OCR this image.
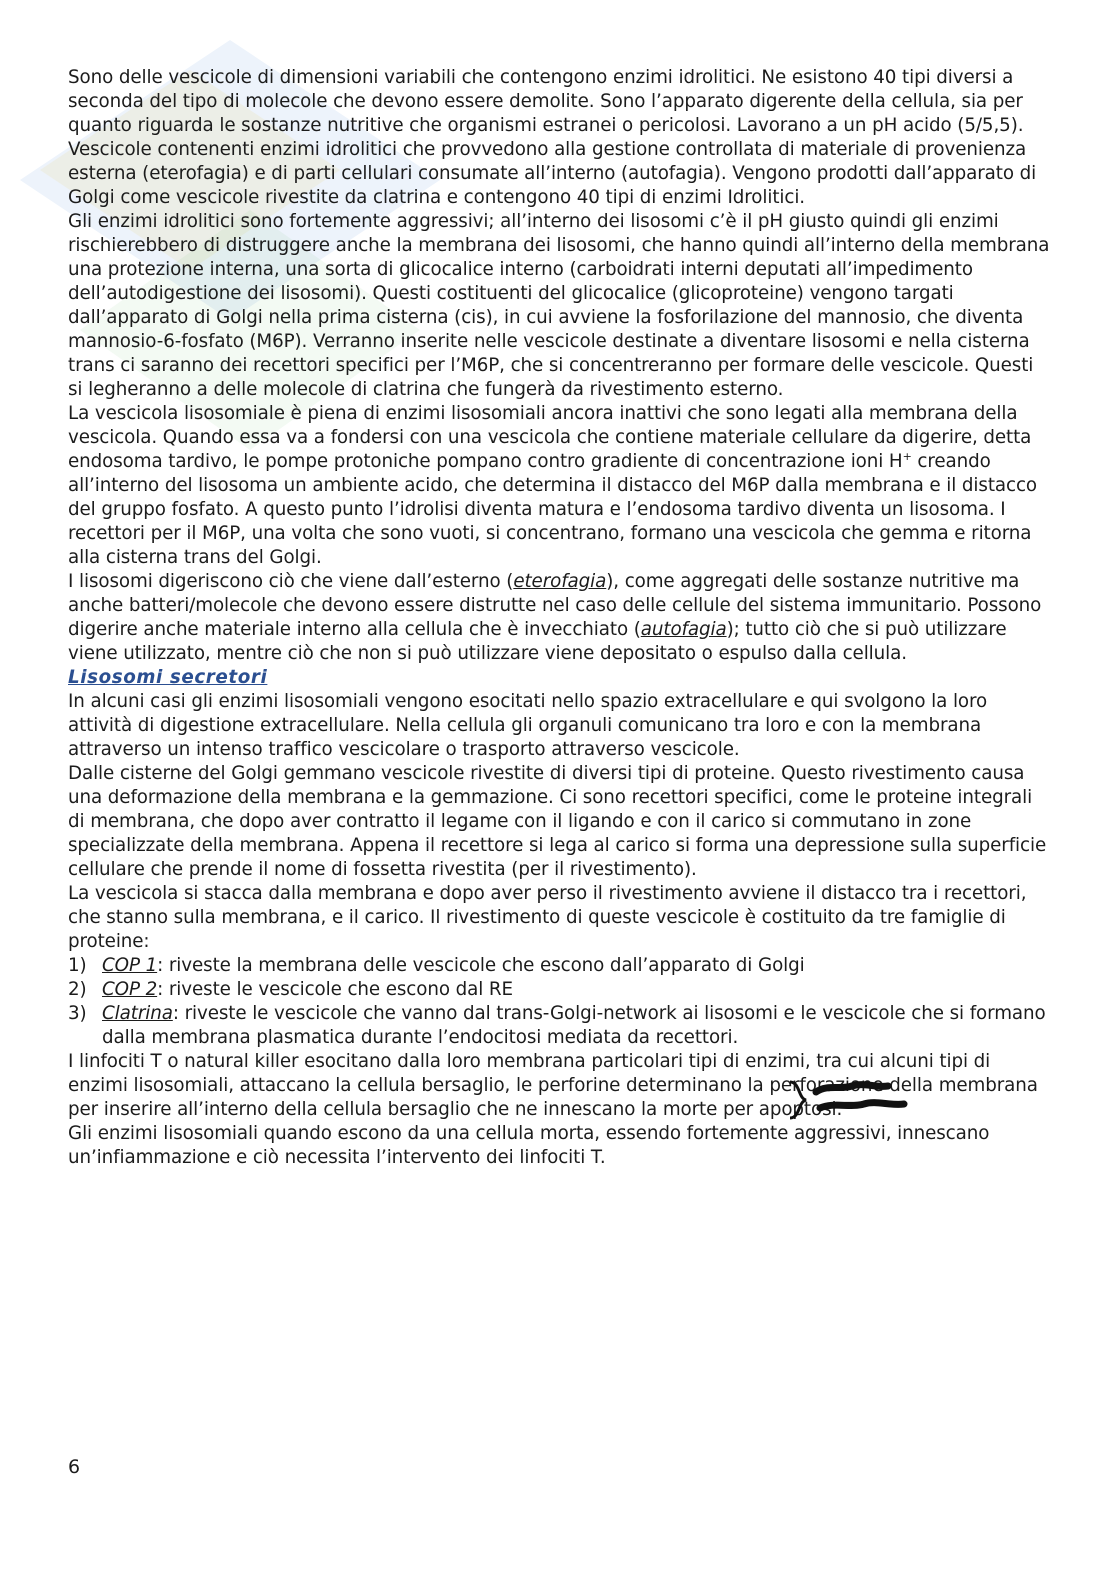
Sono delle vescicole di dimensioni variabili che contengono enzimi idrolitici. Ne esistono 40 tipi diversi a seconda del tipo di molecole che devono essere demolite. Sono l’apparato digerente della cellula, sia per quanto riguarda le sostanze nutritive che organismi estranei o pericolosi. Lavorano a un pH acido (5/5,5). Vescicole contenenti enzimi idrolitici che provvedono alla gestione controllata di materiale di provenienza esterna (eterofagia) e di parti cellulari consumate all’interno (autofagia). Vengono prodotti dall’apparato di Golgi come vescicole rivestite da clatrina e contengono 40 tipi di enzimi Idrolitici.

Gli enzimi idrolitici sono fortemente aggressivi; all’interno dei lisosomi c’è il pH giusto quindi gli enzimi rischierebbero di distruggere anche la membrana dei lisosomi, che hanno quindi all’interno della membrana una protezione interna, una sorta di glicocalice interno (carboidrati interni deputati all’impedimento dell’autodigestione dei lisosomi). Questi costituenti del glicocalice (glicoproteine) vengono targati dall’apparato di Golgi nella prima cisterna (cis), in cui avviene la fosforilazione del mannosio, che diventa mannosio-6-fosfato (M6P). Verranno inserite nelle vescicole destinate a diventare lisosomi e nella cisterna trans ci saranno dei recettori specifici per l’M6P, che si concentreranno per formare delle vescicole. Questi si legheranno a delle molecole di clatrina che fungerà da rivestimento esterno.

La vescicola lisosomiale è piena di enzimi lisosomiali ancora inattivi che sono legati alla membrana della vescicola. Quando essa va a fondersi con una vescicola che contiene materiale cellulare da digerire, detta endosoma tardivo, le pompe protoniche pompano contro gradiente di concentrazione ioni H+ creando all’interno del lisosoma un ambiente acido, che determina il distacco del M6P dalla membrana e il distacco del gruppo fosfato. A questo punto l’idrolisi diventa matura e l’endosoma tardivo diventa un lisosoma. I recettori per il M6P, una volta che sono vuoti, si concentrano, formano una vescicola che gemma e ritorna alla cisterna trans del Golgi.

I lisosomi digeriscono ciò che viene dall’esterno (eterofagia), come aggregati delle sostanze nutritive ma anche batteri/molecole che devono essere distrutte nel caso delle cellule del sistema immunitario. Possono digerire anche materiale interno alla cellula che è invecchiato (autofagia); tutto ciò che si può utilizzare viene utilizzato, mentre ciò che non si può utilizzare viene depositato o espulso dalla cellula.

Lisosomi secretori

In alcuni casi gli enzimi lisosomiali vengono esocitati nello spazio extracellulare e qui svolgono la loro attività di digestione extracellulare. Nella cellula gli organuli comunicano tra loro e con la membrana attraverso un intenso traffico vescicolare o trasporto attraverso vescicole.

Dalle cisterne del Golgi gemmano vescicole rivestite di diversi tipi di proteine. Questo rivestimento causa una deformazione della membrana e la gemmazione. Ci sono recettori specifici, come le proteine integrali di membrana, che dopo aver contratto il legame con il ligando e con il carico si commutano in zone specializzate della membrana. Appena il recettore si lega al carico si forma una depressione sulla superficie cellulare che prende il nome di fossetta rivestita (per il rivestimento).

La vescicola si stacca dalla membrana e dopo aver perso il rivestimento avviene il distacco tra i recettori, che stanno sulla membrana, e il carico. Il rivestimento di queste vescicole è costituito da tre famiglie di proteine:

1) COP 1: riveste la membrana delle vescicole che escono dall’apparato di Golgi
2) COP 2: riveste le vescicole che escono dal RE
3) Clatrina: riveste le vescicole che vanno dal trans-Golgi-network ai lisosomi e le vescicole che si formano dalla membrana plasmatica durante l’endocitosi mediata da recettori.

I linfociti T o natural killer esocitano dalla loro membrana particolari tipi di enzimi, tra cui alcuni tipi di enzimi lisosomiali, attaccano la cellula bersaglio, le perforine determinano la perforazione della membrana per inserire all’interno della cellula bersaglio che ne innescano la morte per apoptosi.

Gli enzimi lisosomiali quando escono da una cellula morta, essendo fortemente aggressivi, innescano un’infiammazione e ciò necessita l’intervento dei linfociti T.

6
